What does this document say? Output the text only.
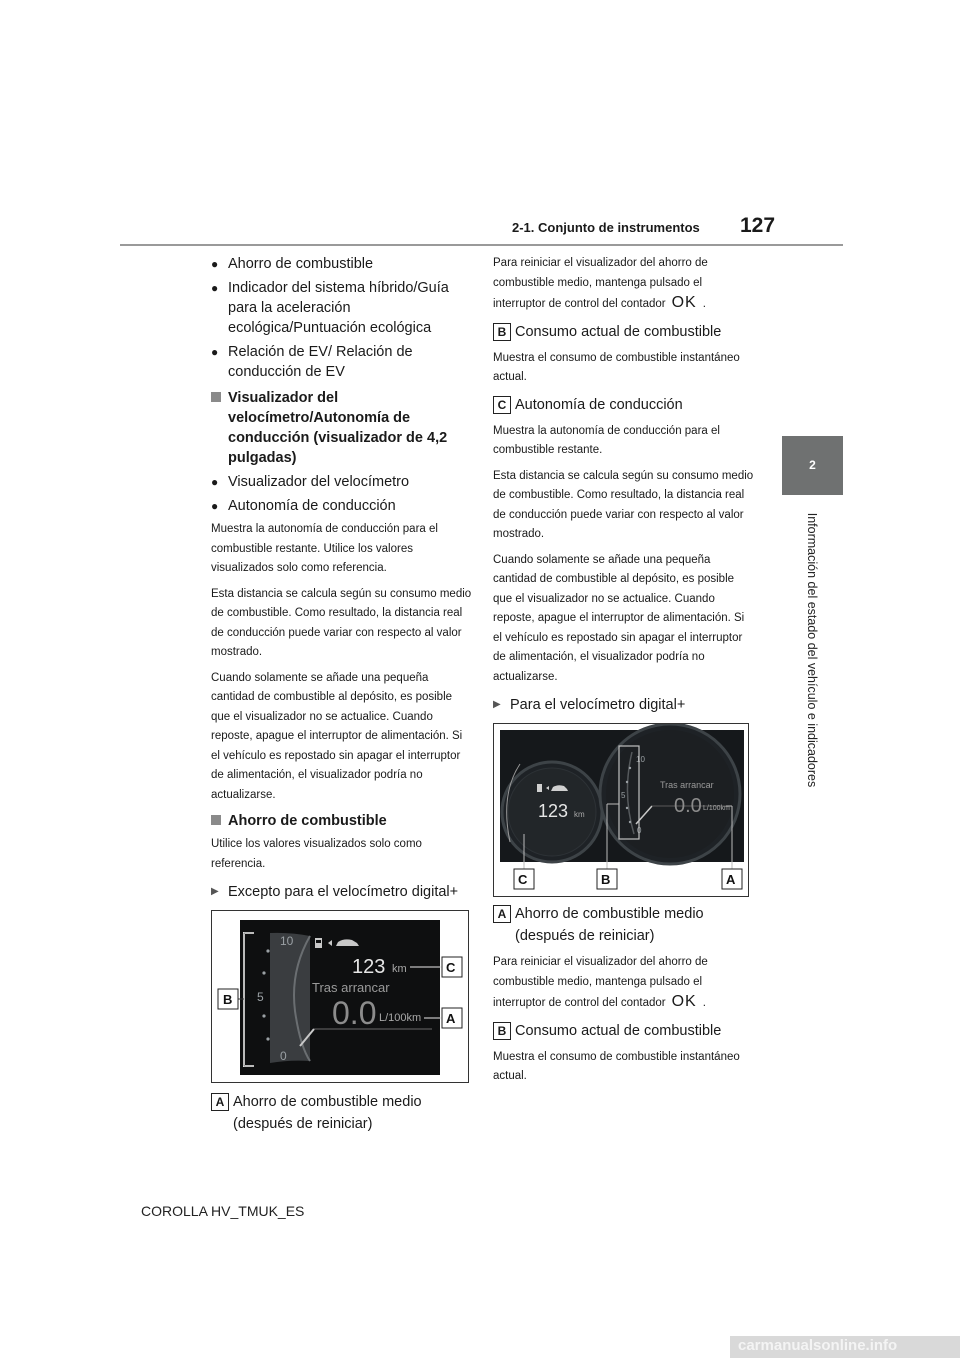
2-1. Conjunto de instrumentos 127
2
Información del estado del vehículo e indicadores
● Ahorro de combustible
● Indicador del sistema híbrido/Guía para la aceleración ecológica/Puntuación ecológica
● Relación de EV/ Relación de conducción de EV
Visualizador del velocímetro/Autonomía de conducción (visualizador de 4,2 pulgadas)
● Visualizador del velocímetro
● Autonomía de conducción

Muestra la autonomía de conducción para el combustible restante. Utilice los valores visualizados solo como referencia.

Esta distancia se calcula según su consumo medio de combustible. Como resultado, la distancia real de conducción puede variar con respecto al valor mostrado.

Cuando solamente se añade una pequeña cantidad de combustible al depósito, es posible que el visualizador no se actualice. Cuando reposte, apague el interruptor de alimentación. Si el vehículo es repostado sin apagar el interruptor de alimentación, el visualizador podría no actualizarse.

Ahorro de combustible

Utilice los valores visualizados solo como referencia.

▶ Excepto para el velocímetro digital+
10
5
0
123 km
Tras arrancar
0.0 L/100km
B
C
A
A Ahorro de combustible medio (después de reiniciar)

Para reiniciar el visualizador del ahorro de combustible medio, mantenga pulsado el interruptor de control del contador OK .

B Consumo actual de combustible

Muestra el consumo de combustible instantáneo actual.

C Autonomía de conducción

Muestra la autonomía de conducción para el combustible restante.

Esta distancia se calcula según su consumo medio de combustible. Como resultado, la distancia real de conducción puede variar con respecto al valor mostrado.

Cuando solamente se añade una pequeña cantidad de combustible al depósito, es posible que el visualizador no se actualice. Cuando reposte, apague el interruptor de alimentación. Si el vehículo es repostado sin apagar el interruptor de alimentación, el visualizador podría no actualizarse.

▶ Para el velocímetro digital+
123 km
10
5
0
Tras arrancar
0.0 L/100km
C	B	A
A Ahorro de combustible medio (después de reiniciar)

Para reiniciar el visualizador del ahorro de combustible medio, mantenga pulsado el interruptor de control del contador OK .

B Consumo actual de combustible

Muestra el consumo de combustible instantáneo actual.

COROLLA HV_TMUK_ES
carmanualsonline.info
